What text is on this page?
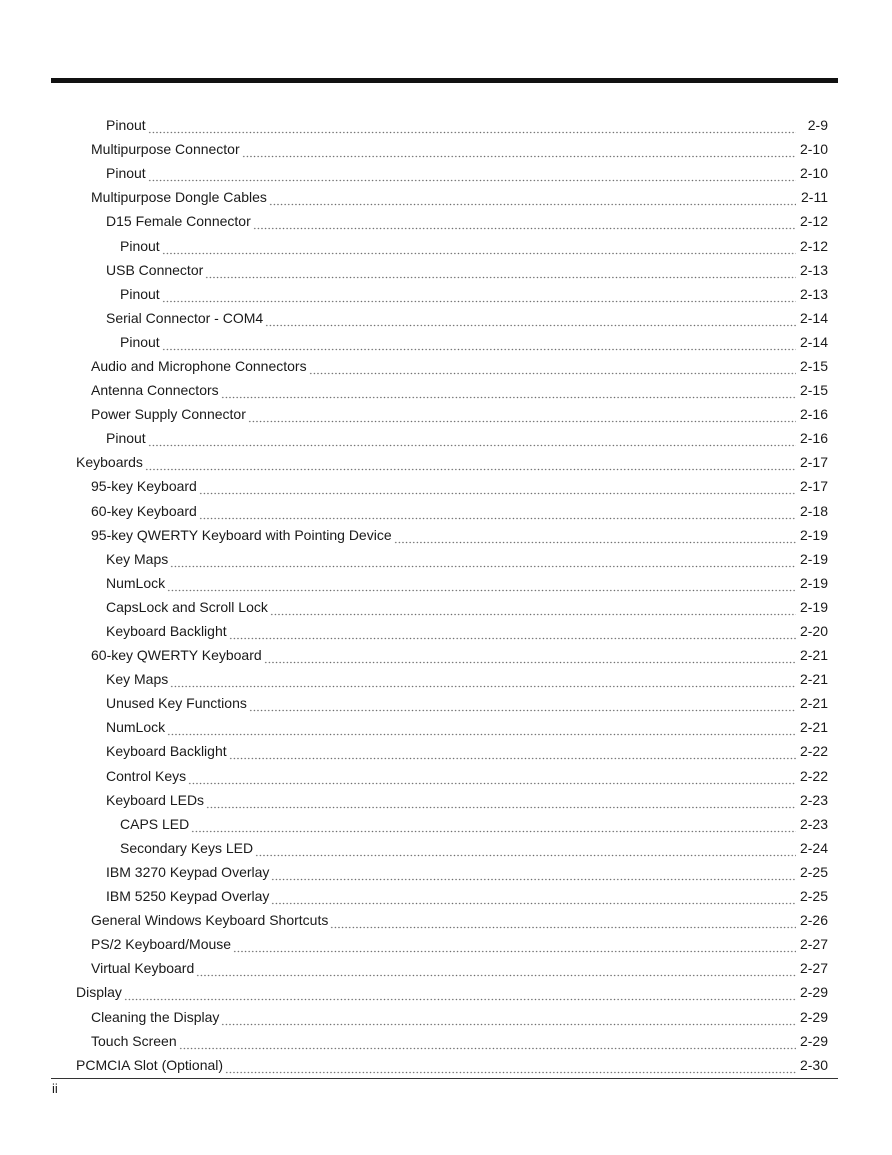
Pinout	2-9
Multipurpose Connector	2-10
Pinout	2-10
Multipurpose Dongle Cables	2-11
D15 Female Connector	2-12
Pinout	2-12
USB Connector	2-13
Pinout	2-13
Serial Connector - COM4	2-14
Pinout	2-14
Audio and Microphone Connectors	2-15
Antenna Connectors	2-15
Power Supply Connector	2-16
Pinout	2-16
Keyboards	2-17
95-key Keyboard	2-17
60-key Keyboard	2-18
95-key QWERTY Keyboard with Pointing Device	2-19
Key Maps	2-19
NumLock	2-19
CapsLock and Scroll Lock	2-19
Keyboard Backlight	2-20
60-key QWERTY Keyboard	2-21
Key Maps	2-21
Unused Key Functions	2-21
NumLock	2-21
Keyboard Backlight	2-22
Control Keys	2-22
Keyboard LEDs	2-23
CAPS LED	2-23
Secondary Keys LED	2-24
IBM 3270 Keypad Overlay	2-25
IBM 5250 Keypad Overlay	2-25
General Windows Keyboard Shortcuts	2-26
PS/2 Keyboard/Mouse	2-27
Virtual Keyboard	2-27
Display	2-29
Cleaning the Display	2-29
Touch Screen	2-29
PCMCIA Slot (Optional)	2-30
ii
